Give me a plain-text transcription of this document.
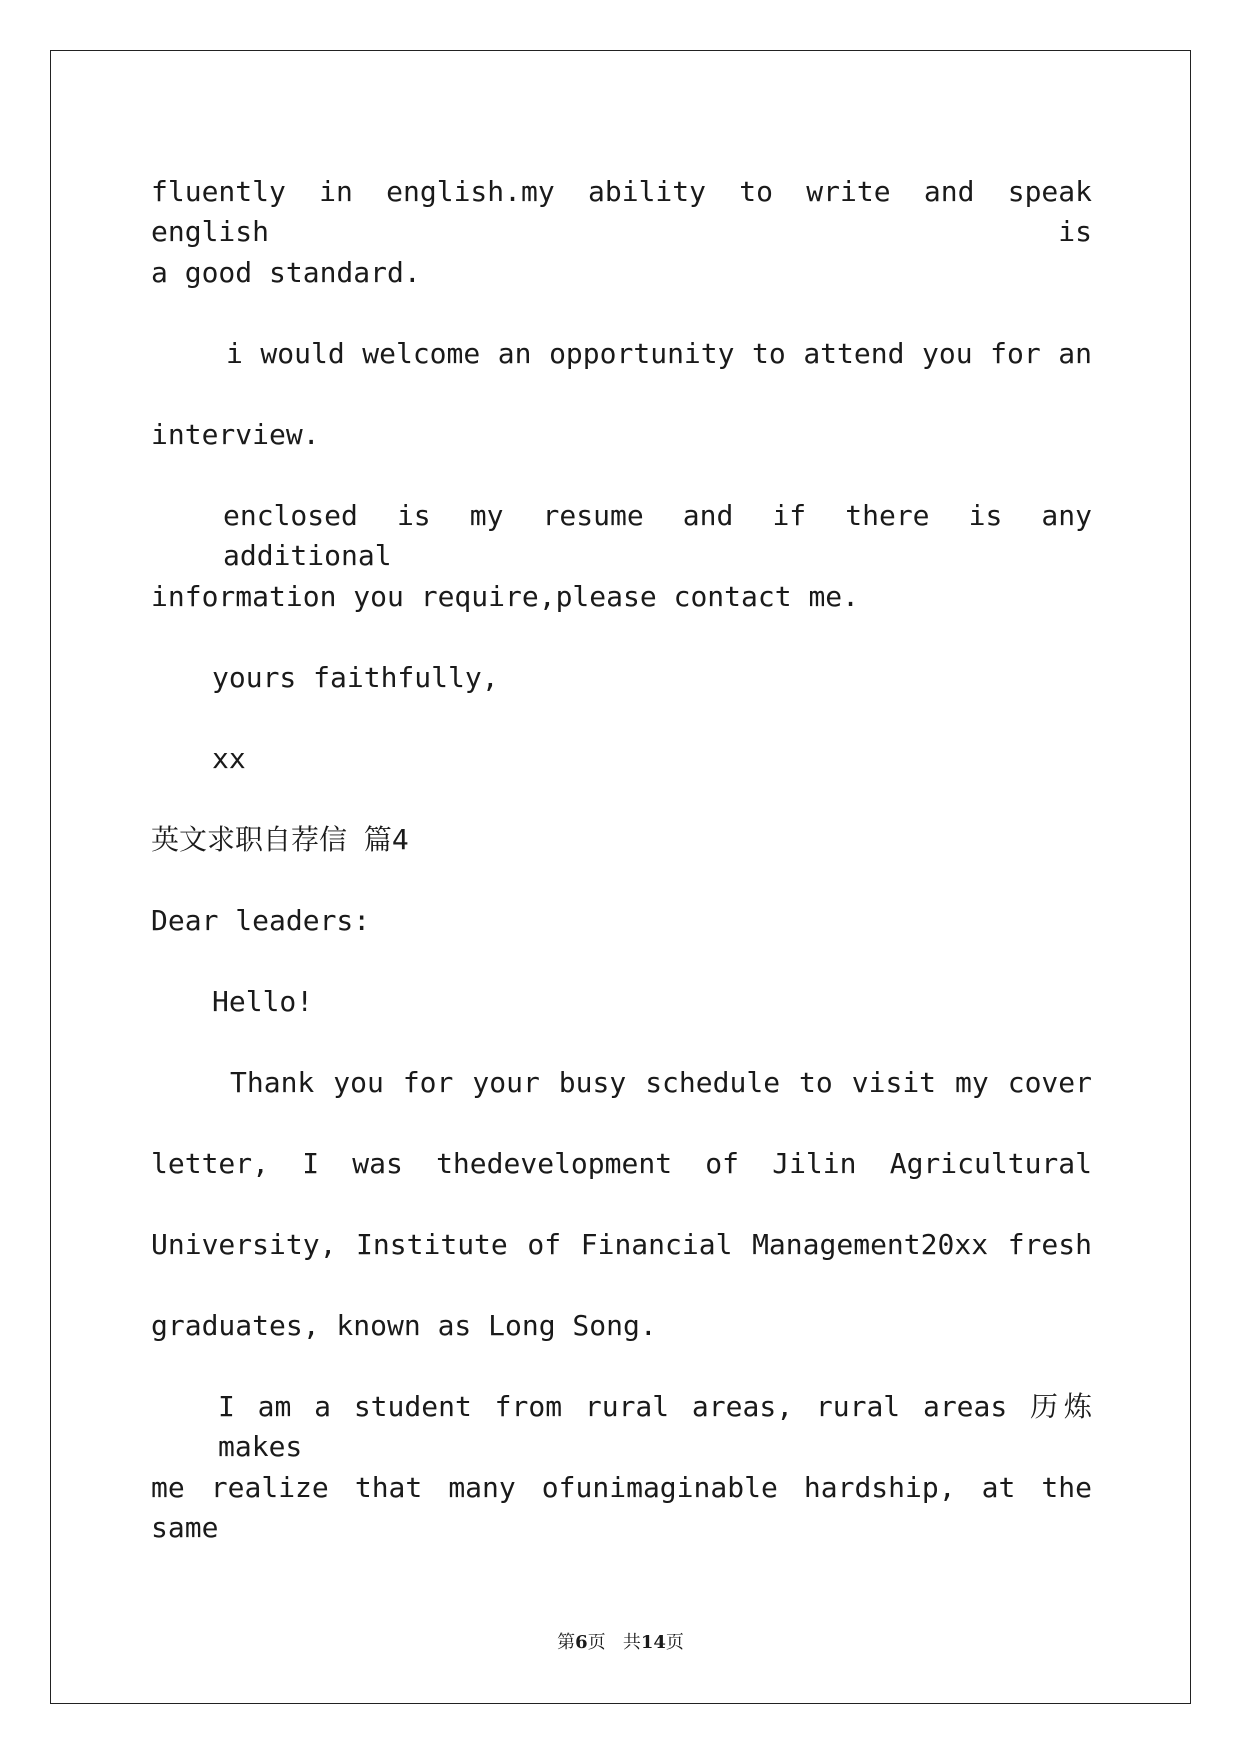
fluently in english.my ability to write and speak english is
a good standard.
i would welcome an opportunity to attend you for an
interview.
enclosed is my resume and if there is any additional
information you require,please contact me.
yours faithfully,
xx
英文求职自荐信 篇4
Dear leaders:
Hello!
Thank you for your busy schedule to visit my cover
letter, I was thedevelopment of Jilin Agricultural
University, Institute of Financial Management20xx fresh
graduates, known as Long Song.
I am a student from rural areas, rural areas 历炼 makes
me realize that many ofunimaginable hardship, at the same
第6页 共14页
